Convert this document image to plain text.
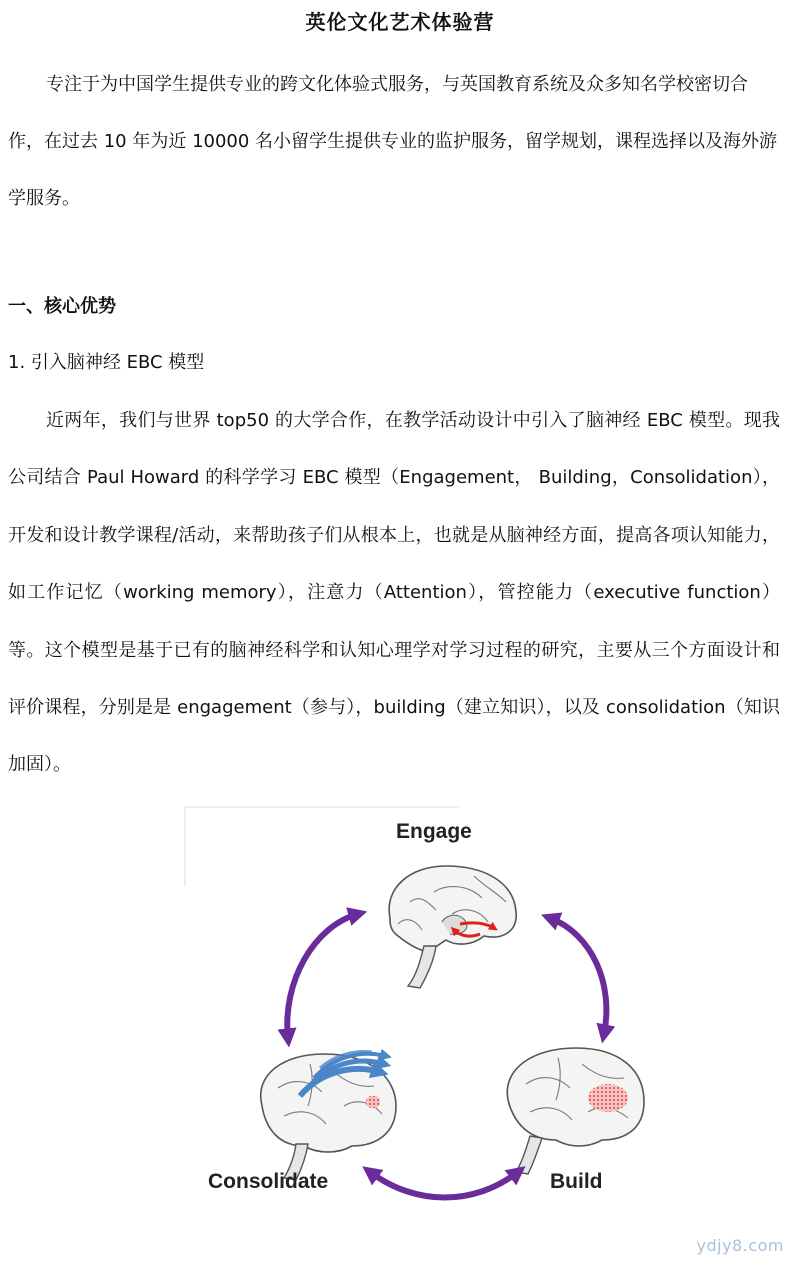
英伦文化艺术体验营
专注于为中国学生提供专业的跨文化体验式服务，与英国教育系统及众多知名学校密切合作，在过去 10 年为近 10000 名小留学生提供专业的监护服务，留学规划，课程选择以及海外游学服务。
一、核心优势
1. 引入脑神经 EBC 模型
近两年，我们与世界 top50 的大学合作，在教学活动设计中引入了脑神经 EBC 模型。现我公司结合 Paul Howard 的科学学习 EBC 模型（Engagement， Building，Consolidation），开发和设计教学课程/活动，来帮助孩子们从根本上，也就是从脑神经方面，提高各项认知能力，如工作记忆（working memory），注意力（Attention），管控能力（executive function）等。这个模型是基于已有的脑神经科学和认知心理学对学习过程的研究，主要从三个方面设计和评价课程，分别是是 engagement（参与），building（建立知识），以及 consolidation（知识加固）。
Engage
Consolidate	Build
ydjy8.com
